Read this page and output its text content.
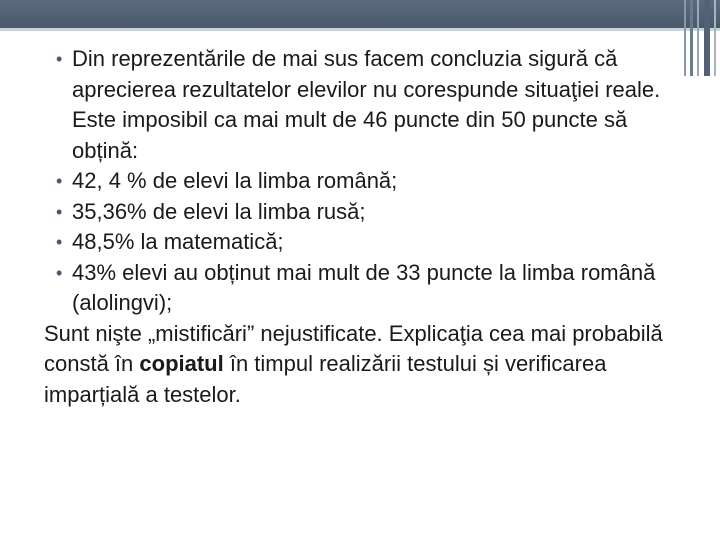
• Din reprezentările de mai sus facem concluzia sigură că aprecierea rezultatelor elevilor nu corespunde situaţiei reale. Este imposibil ca mai mult de 46 puncte din 50 puncte să obțină:
• 42, 4 % de elevi la limba română;
• 35,36% de elevi la limba rusă;
• 48,5% la matematică;
• 43% elevi au obținut mai mult de 33 puncte la limba română (alolingvi);

Sunt nişte „mistificări” nejustificate. Explicaţia cea mai probabilă constă în copiatul în timpul realizării testului și verificarea imparțială a testelor.
